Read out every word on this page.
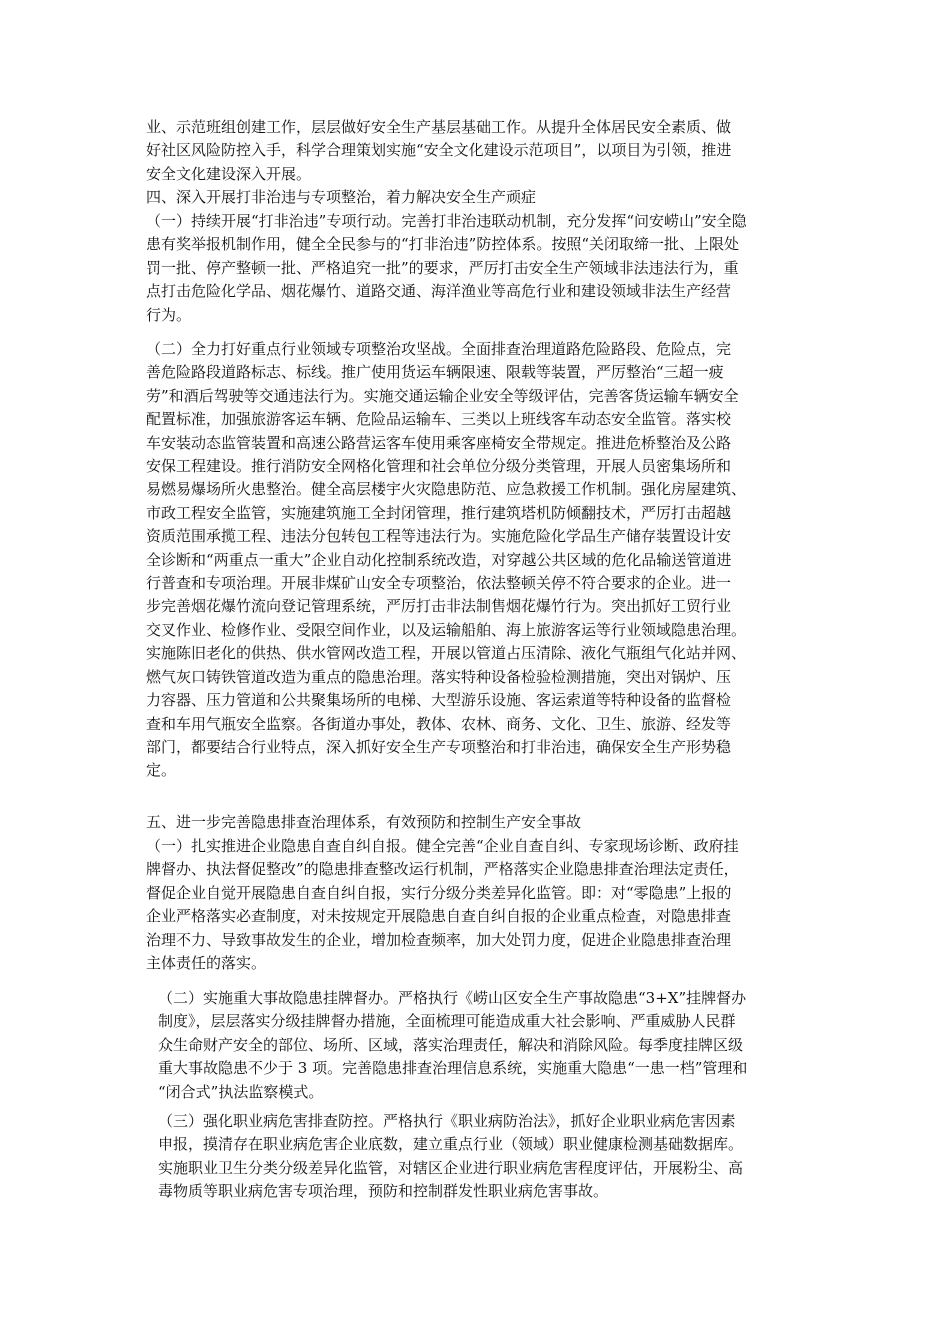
业、示范班组创建工作，层层做好安全生产基层基础工作。从提升全体居民安全素质、做
好社区风险防控入手，科学合理策划实施“安全文化建设示范项目”，以项目为引领，推进
安全文化建设深入开展。
四、深入开展打非治违与专项整治，着力解决安全生产顽症
（一）持续开展“打非治违”专项行动。完善打非治违联动机制，充分发挥“问安崂山”安全隐
患有奖举报机制作用，健全全民参与的“打非治违”防控体系。按照“关闭取缔一批、上限处
罚一批、停产整顿一批、严格追究一批”的要求，严厉打击安全生产领域非法违法行为，重
点打击危险化学品、烟花爆竹、道路交通、海洋渔业等高危行业和建设领域非法生产经营
行为。
（二）全力打好重点行业领域专项整治攻坚战。全面排查治理道路危险路段、危险点，完
善危险路段道路标志、标线。推广使用货运车辆限速、限载等装置，严厉整治“三超一疲
劳”和酒后驾驶等交通违法行为。实施交通运输企业安全等级评估，完善客货运输车辆安全
配置标准，加强旅游客运车辆、危险品运输车、三类以上班线客车动态安全监管。落实校
车安装动态监管装置和高速公路营运客车使用乘客座椅安全带规定。推进危桥整治及公路
安保工程建设。推行消防安全网格化管理和社会单位分级分类管理，开展人员密集场所和
易燃易爆场所火患整治。健全高层楼宇火灾隐患防范、应急救援工作机制。强化房屋建筑、
市政工程安全监管，实施建筑施工全封闭管理，推行建筑塔机防倾翻技术，严厉打击超越
资质范围承揽工程、违法分包转包工程等违法行为。实施危险化学品生产储存装置设计安
全诊断和“两重点一重大”企业自动化控制系统改造，对穿越公共区域的危化品输送管道进
行普查和专项治理。开展非煤矿山安全专项整治，依法整顿关停不符合要求的企业。进一
步完善烟花爆竹流向登记管理系统，严厉打击非法制售烟花爆竹行为。突出抓好工贸行业
交叉作业、检修作业、受限空间作业，以及运输船舶、海上旅游客运等行业领域隐患治理。
实施陈旧老化的供热、供水管网改造工程，开展以管道占压清除、液化气瓶组气化站并网、
燃气灰口铸铁管道改造为重点的隐患治理。落实特种设备检验检测措施，突出对锅炉、压
力容器、压力管道和公共聚集场所的电梯、大型游乐设施、客运索道等特种设备的监督检
查和车用气瓶安全监察。各街道办事处，教体、农林、商务、文化、卫生、旅游、经发等
部门，都要结合行业特点，深入抓好安全生产专项整治和打非治违，确保安全生产形势稳
定。
五、进一步完善隐患排查治理体系，有效预防和控制生产安全事故
（一）扎实推进企业隐患自查自纠自报。健全完善“企业自查自纠、专家现场诊断、政府挂
牌督办、执法督促整改”的隐患排查整改运行机制，严格落实企业隐患排查治理法定责任，
督促企业自觉开展隐患自查自纠自报，实行分级分类差异化监管。即：对“零隐患”上报的
企业严格落实必查制度，对未按规定开展隐患自查自纠自报的企业重点检查，对隐患排查
治理不力、导致事故发生的企业，增加检查频率，加大处罚力度，促进企业隐患排查治理
主体责任的落实。
（二）实施重大事故隐患挂牌督办。严格执行《崂山区安全生产事故隐患“3+X”挂牌督办
制度》，层层落实分级挂牌督办措施，全面梳理可能造成重大社会影响、严重威胁人民群
众生命财产安全的部位、场所、区域，落实治理责任，解决和消除风险。每季度挂牌区级
重大事故隐患不少于 3 项。完善隐患排查治理信息系统，实施重大隐患“一患一档”管理和
“闭合式”执法监察模式。
（三）强化职业病危害排查防控。严格执行《职业病防治法》，抓好企业职业病危害因素
申报，摸清存在职业病危害企业底数，建立重点行业（领域）职业健康检测基础数据库。
实施职业卫生分类分级差异化监管，对辖区企业进行职业病危害程度评估，开展粉尘、高
毒物质等职业病危害专项治理，预防和控制群发性职业病危害事故。
